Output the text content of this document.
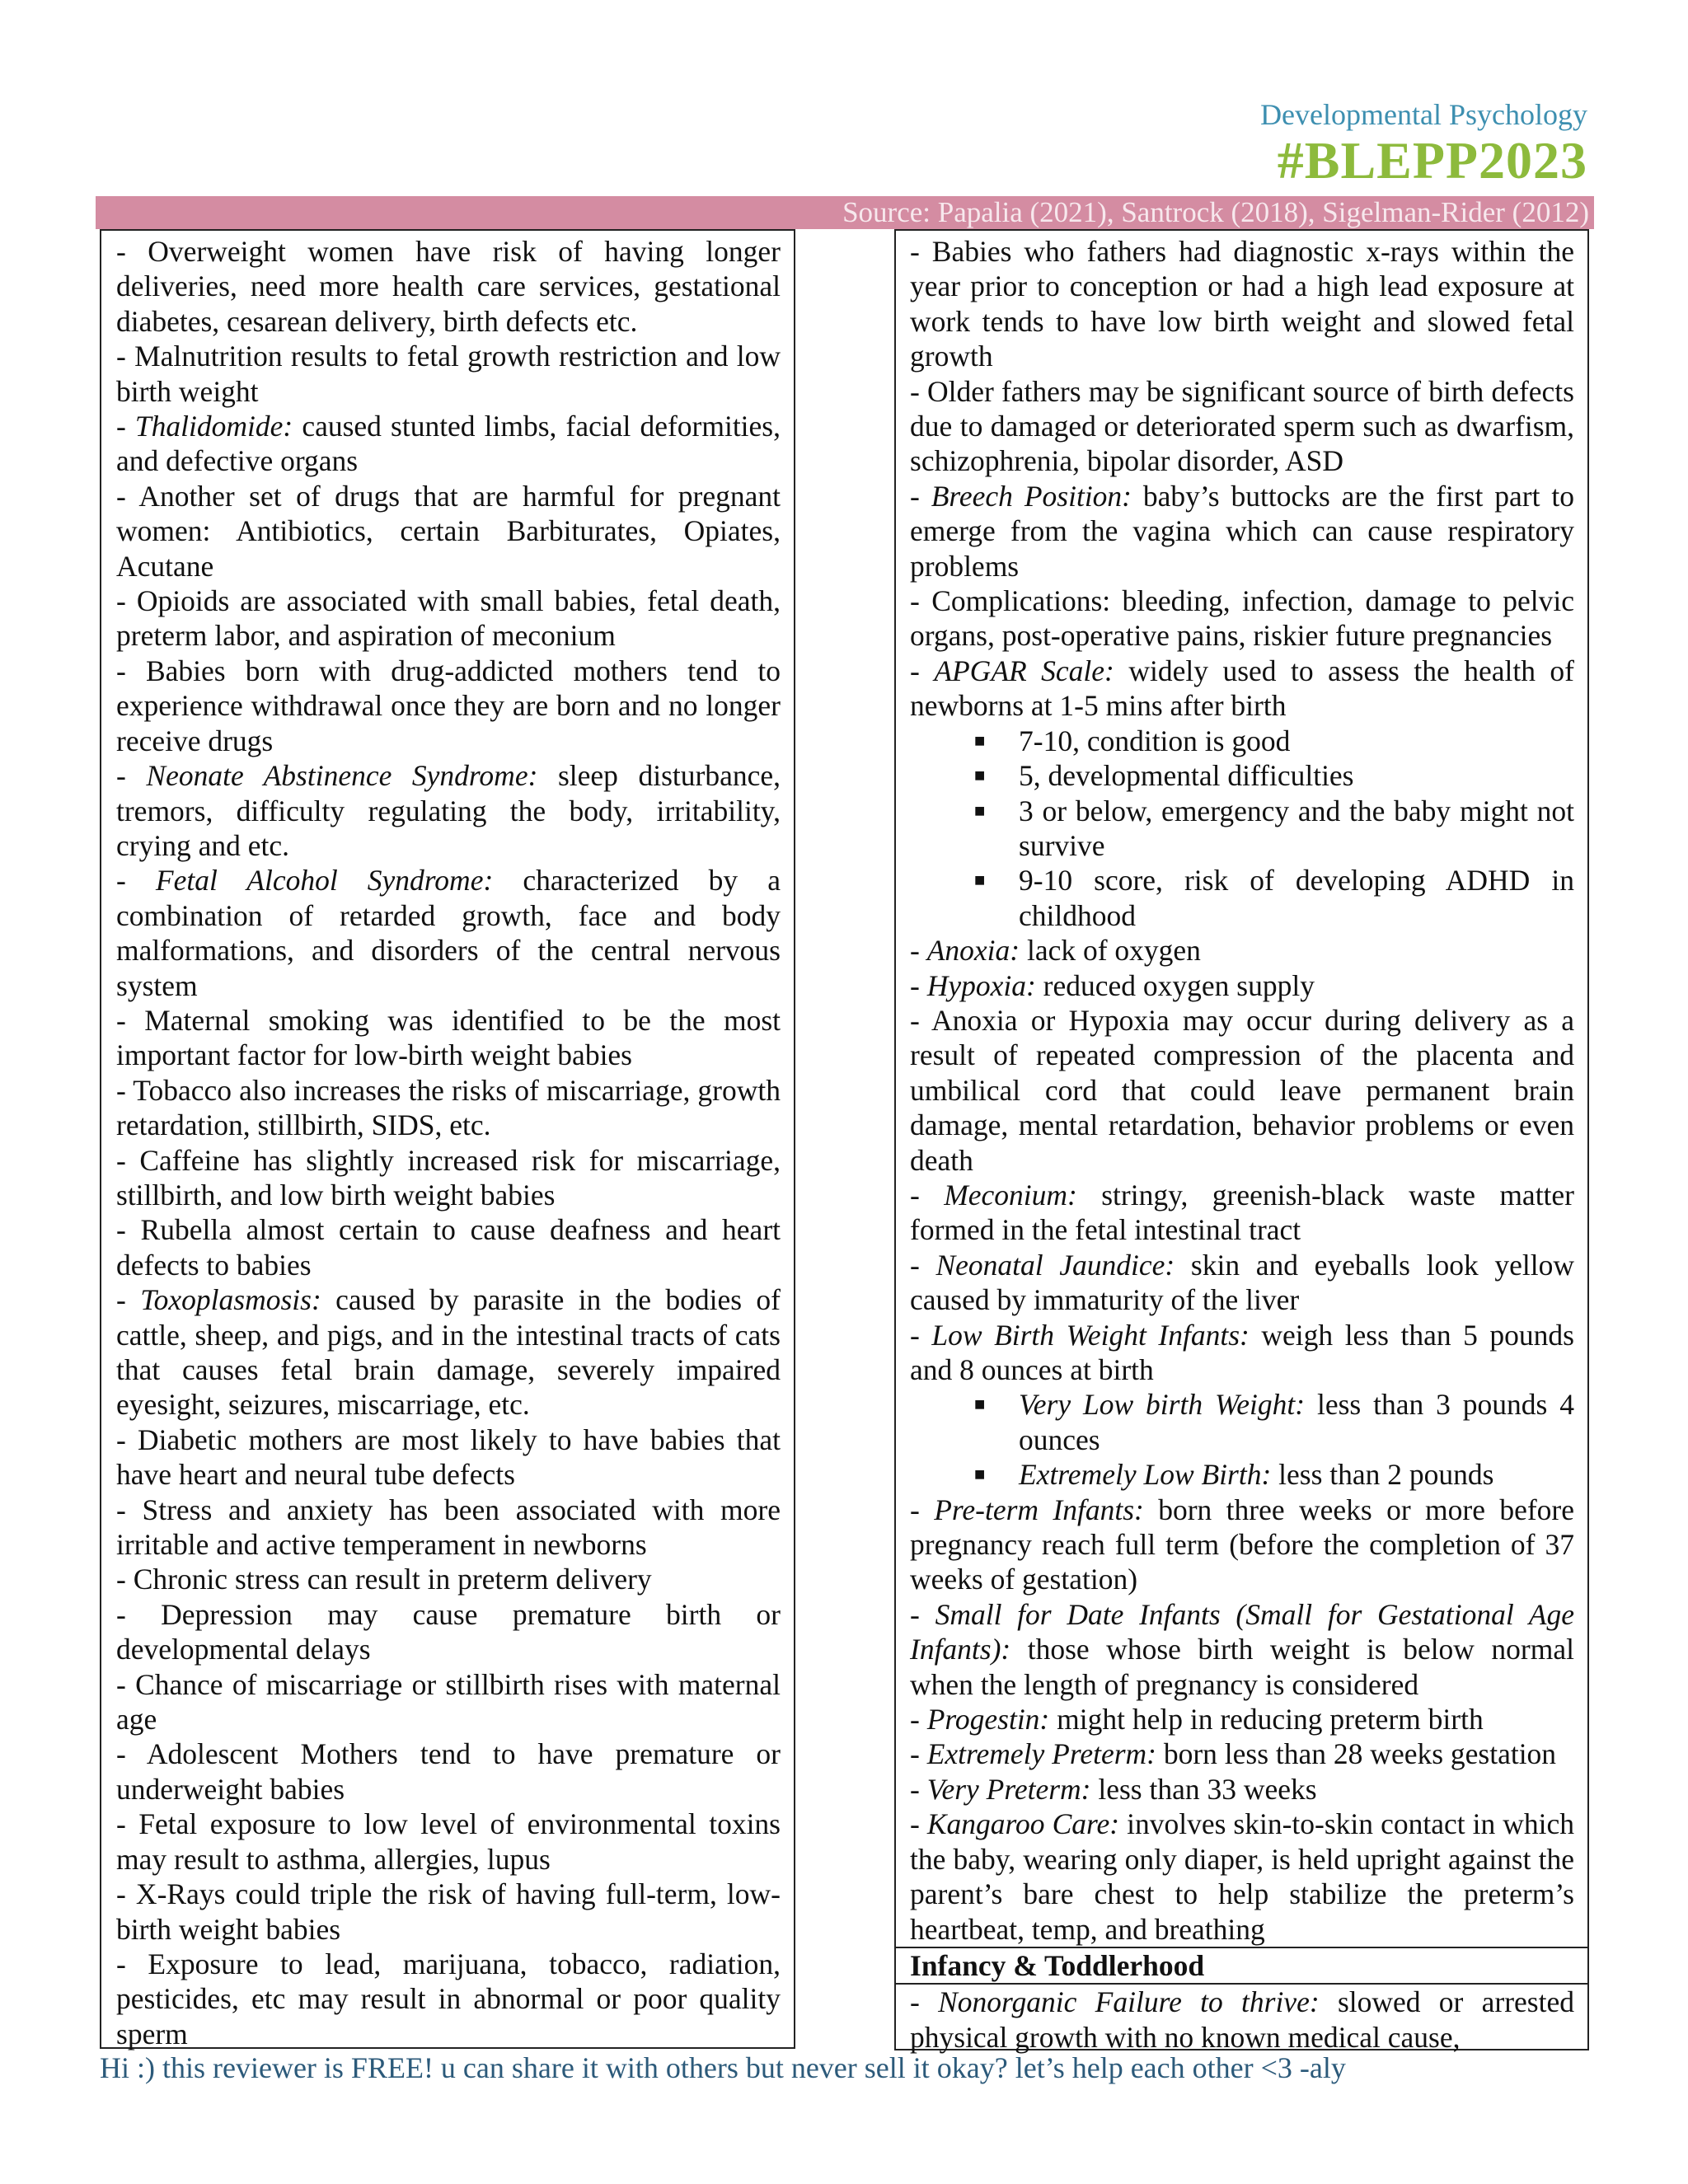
Developmental Psychology
#BLEPP2023
Source: Papalia (2021), Santrock (2018), Sigelman-Rider (2012)

- Overweight women have risk of having longer deliveries, need more health care services, gestational diabetes, cesarean delivery, birth defects etc.

- Malnutrition results to fetal growth restriction and low birth weight

- Thalidomide: caused stunted limbs, facial deformities, and defective organs

- Another set of drugs that are harmful for pregnant women: Antibiotics, certain Barbiturates, Opiates, Acutane

- Opioids are associated with small babies, fetal death, preterm labor, and aspiration of meconium

- Babies born with drug-addicted mothers tend to experience withdrawal once they are born and no longer receive drugs

- Neonate Abstinence Syndrome: sleep disturbance, tremors, difficulty regulating the body, irritability, crying and etc.

- Fetal Alcohol Syndrome: characterized by a combination of retarded growth, face and body malformations, and disorders of the central nervous system

- Maternal smoking was identified to be the most important factor for low-birth weight babies

- Tobacco also increases the risks of miscarriage, growth retardation, stillbirth, SIDS, etc.

- Caffeine has slightly increased risk for miscarriage, stillbirth, and low birth weight babies

- Rubella almost certain to cause deafness and heart defects to babies

- Toxoplasmosis: caused by parasite in the bodies of cattle, sheep, and pigs, and in the intestinal tracts of cats that causes fetal brain damage, severely impaired eyesight, seizures, miscarriage, etc.

- Diabetic mothers are most likely to have babies that have heart and neural tube defects

- Stress and anxiety has been associated with more irritable and active temperament in newborns

- Chronic stress can result in preterm delivery

- Depression may cause premature birth or developmental delays

- Chance of miscarriage or stillbirth rises with maternal age

- Adolescent Mothers tend to have premature or underweight babies

- Fetal exposure to low level of environmental toxins may result to asthma, allergies, lupus

- X-Rays could triple the risk of having full-term, low-birth weight babies

- Exposure to lead, marijuana, tobacco, radiation, pesticides, etc may result in abnormal or poor quality sperm

- Babies who fathers had diagnostic x-rays within the year prior to conception or had a high lead exposure at work tends to have low birth weight and slowed fetal growth

- Older fathers may be significant source of birth defects due to damaged or deteriorated sperm such as dwarfism, schizophrenia, bipolar disorder, ASD

- Breech Position: baby’s buttocks are the first part to emerge from the vagina which can cause respiratory problems

- Complications: bleeding, infection, damage to pelvic organs, post-operative pains, riskier future pregnancies

- APGAR Scale: widely used to assess the health of newborns at 1-5 mins after birth

■	7-10, condition is good
■	5, developmental difficulties
■	3 or below, emergency and the baby might not survive
■	9-10 score, risk of developing ADHD in childhood

- Anoxia: lack of oxygen

- Hypoxia: reduced oxygen supply

- Anoxia or Hypoxia may occur during delivery as a result of repeated compression of the placenta and umbilical cord that could leave permanent brain damage, mental retardation, behavior problems or even death

- Meconium: stringy, greenish-black waste matter formed in the fetal intestinal tract

- Neonatal Jaundice: skin and eyeballs look yellow caused by immaturity of the liver

- Low Birth Weight Infants: weigh less than 5 pounds and 8 ounces at birth

■	Very Low birth Weight: less than 3 pounds 4 ounces
■	Extremely Low Birth: less than 2 pounds

- Pre-term Infants: born three weeks or more before pregnancy reach full term (before the completion of 37 weeks of gestation)

- Small for Date Infants (Small for Gestational Age Infants): those whose birth weight is below normal when the length of pregnancy is considered

- Progestin: might help in reducing preterm birth

- Extremely Preterm: born less than 28 weeks gestation

- Very Preterm: less than 33 weeks

- Kangaroo Care: involves skin-to-skin contact in which the baby, wearing only diaper, is held upright against the parent’s bare chest to help stabilize the preterm’s heartbeat, temp, and breathing

Infancy & Toddlerhood

- Nonorganic Failure to thrive: slowed or arrested physical growth with no known medical cause,

Hi :) this reviewer is FREE! u can share it with others but never sell it okay? let’s help each other <3 -aly
